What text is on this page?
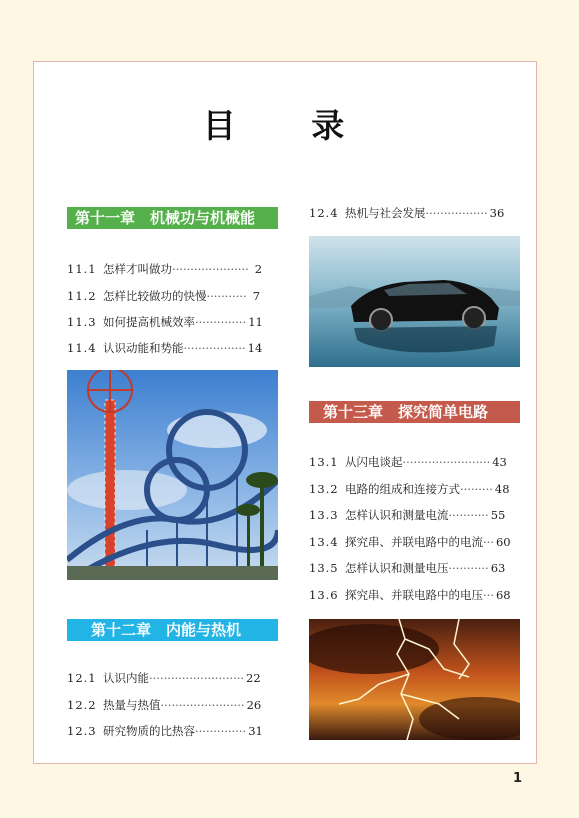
目 录
第十一章　机械功与机械能
11.1 怎样才叫做功····················· 2
11.2 怎样比较做功的快慢··········· 7
11.3 如何提高机械效率·············· 11
11.4 认识动能和势能················· 14
第十二章　内能与热机
12.1 认识内能·························· 22
12.2 热量与热值······················· 26
12.3 研究物质的比热容·············· 31
12.4 热机与社会发展················· 36
第十三章　探究简单电路
13.1 从闪电谈起························ 43
13.2 电路的组成和连接方式········· 48
13.3 怎样认识和测量电流··········· 55
13.4 探究串、并联电路中的电流··· 60
13.5 怎样认识和测量电压··········· 63
13.6 探究串、并联电路中的电压··· 68
1
